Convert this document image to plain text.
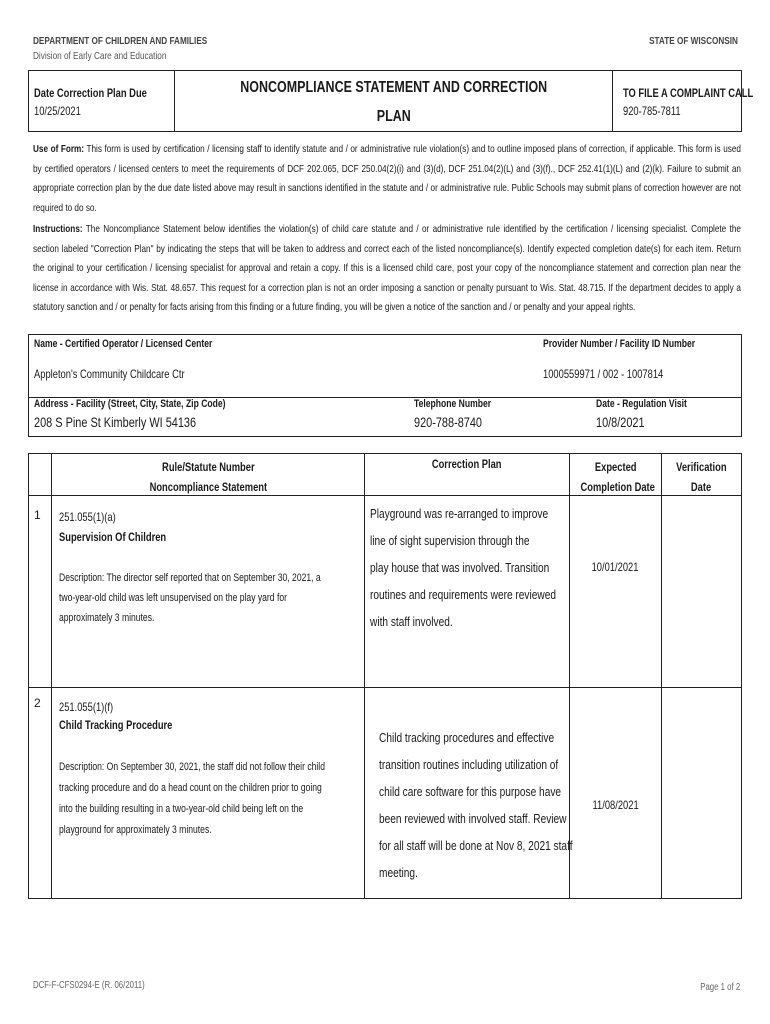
DEPARTMENT OF CHILDREN AND FAMILIES
Division of Early Care and Education
STATE OF WISCONSIN
Date Correction Plan Due
10/25/2021
NONCOMPLIANCE STATEMENT AND CORRECTION
PLAN
TO FILE A COMPLAINT CALL
920-785-7811
Use of Form: This form is used by certification / licensing staff to identify statute and / or administrative rule violation(s) and to outline imposed plans of correction, if applicable. This form is used by certified operators / licensed centers to meet the requirements of DCF 202.065, DCF 250.04(2)(i) and (3)(d), DCF 251.04(2)(L) and (3)(f)., DCF 252.41(1)(L) and (2)(k). Failure to submit an appropriate correction plan by the due date listed above may result in sanctions identified in the statute and / or administrative rule. Public Schools may submit plans of correction however are not required to do so.
Instructions: The Noncompliance Statement below identifies the violation(s) of child care statute and / or administrative rule identified by the certification / licensing specialist. Complete the section labeled "Correction Plan" by indicating the steps that will be taken to address and correct each of the listed noncompliance(s). Identify expected completion date(s) for each item. Return the original to your certification / licensing specialist for approval and retain a copy. If this is a licensed child care, post your copy of the noncompliance statement and correction plan near the license in accordance with Wis. Stat. 48.657. This request for a correction plan is not an order imposing a sanction or penalty pursuant to Wis. Stat. 48.715. If the department decides to apply a statutory sanction and / or penalty for facts arising from this finding or a future finding, you will be given a notice of the sanction and / or penalty and your appeal rights.
Name - Certified Operator / Licensed Center
Appleton's Community Childcare Ctr
Provider Number / Facility ID Number
1000559971 / 002 - 1007814
Address - Facility (Street, City, State, Zip Code)
208 S Pine St Kimberly WI 54136
Telephone Number
920-788-8740
Date - Regulation Visit
10/8/2021
Rule/Statute Number
Noncompliance Statement
Correction Plan	Expected
Completion Date
Verification
Date
1 251.055(1)(a)
Supervision Of Children
Description: The director self reported that on September 30, 2021, a
two-year-old child was left unsupervised on the play yard for
approximately 3 minutes.
Playground was re-arranged to improve
line of sight supervision through the
play house that was involved. Transition
routines and requirements were reviewed
with staff involved.
10/01/2021
2 251.055(1)(f)
Child Tracking Procedure
Description: On September 30, 2021, the staff did not follow their child
tracking procedure and do a head count on the children prior to going
into the building resulting in a two-year-old child being left on the
playground for approximately 3 minutes.
Child tracking procedures and effective
transition routines including utilization of
child care software for this purpose have
been reviewed with involved staff. Review
for all staff will be done at Nov 8, 2021 staff
meeting.
11/08/2021
DCF-F-CFS0294-E (R. 06/2011)	Page 1 of 2
